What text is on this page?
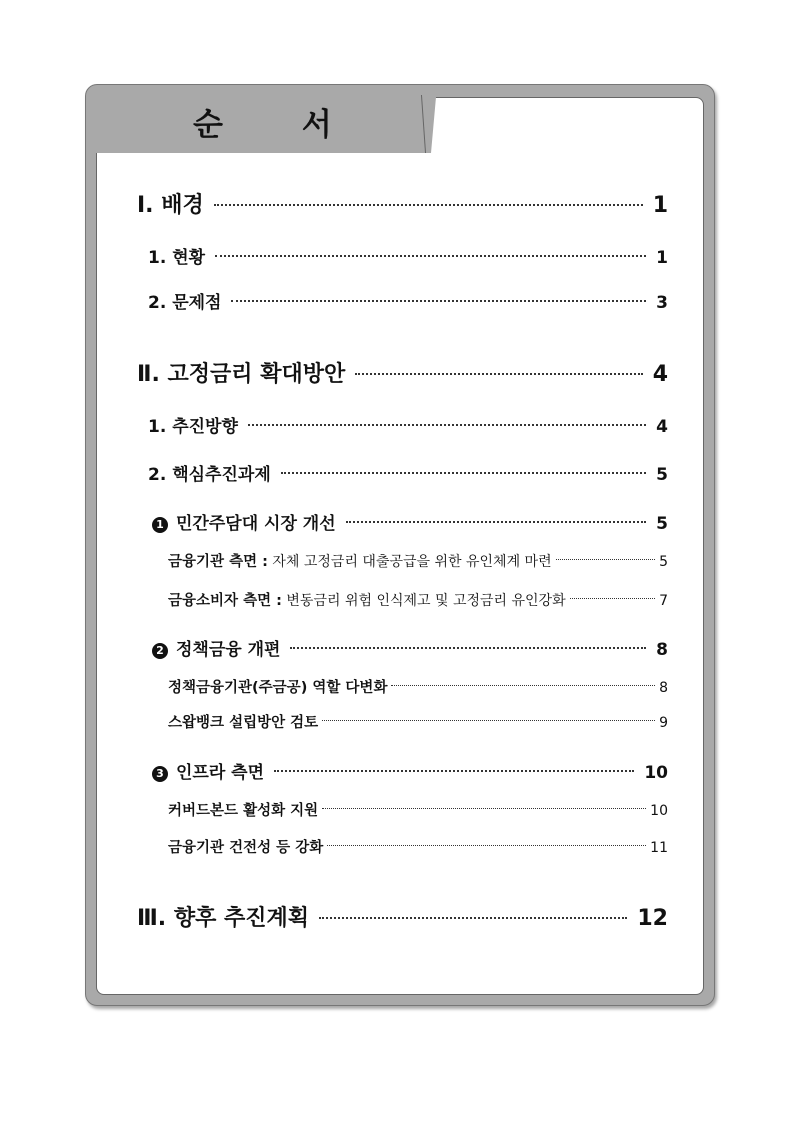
순 서
Ⅰ. 배경	1
1. 현황	1
2. 문제점	3
Ⅱ. 고정금리 확대방안	4
1. 추진방향	4
2. 핵심추진과제	5
1 민간주담대 시장 개선	5
금융기관 측면 : 자체 고정금리 대출공급을 위한 유인체계 마련	5
금융소비자 측면 : 변동금리 위험 인식제고 및 고정금리 유인강화	7
2 정책금융 개편	8
정책금융기관(주금공) 역할 다변화	8
스왑뱅크 설립방안 검토	9
3 인프라 측면	10
커버드본드 활성화 지원	10
금융기관 건전성 등 강화	11
Ⅲ. 향후 추진계획	12
